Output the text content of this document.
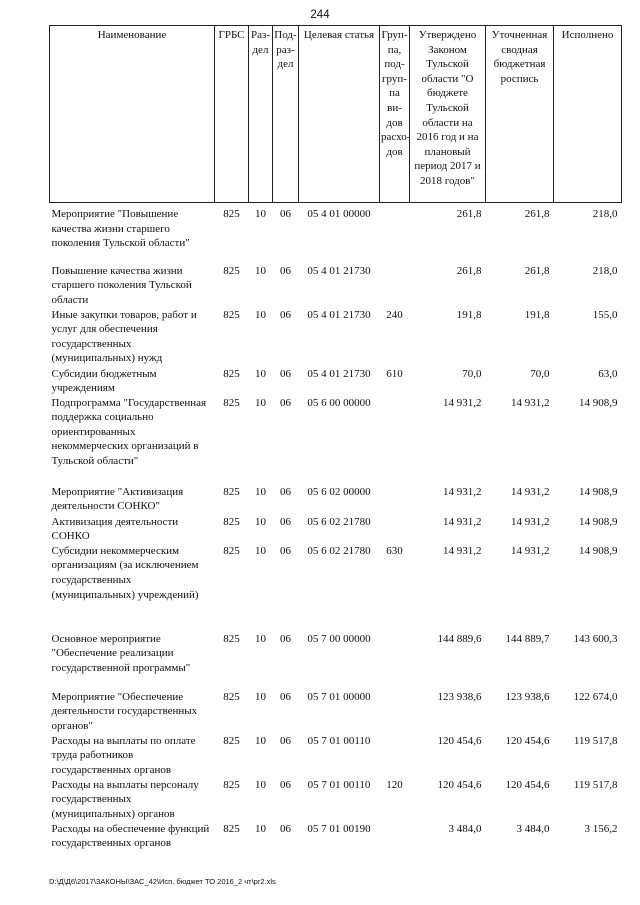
244
Наименование	ГРБС	Раз-дел	Под-раз-дел	Целевая статья	Груп-па, под-груп-па ви-дов расхо-дов	Утверждено Законом Тульской области "О бюджете Тульской области на 2016 год и на плановый период 2017 и 2018 годов"	Уточненная сводная бюджетная роспись	Исполнено
Мероприятие "Повышение качества жизни старшего поколения Тульской области"	825	10	06	05 4 01 00000		261,8	261,8	218,0
Повышение качества жизни старшего поколения Тульской области	825	10	06	05 4 01 21730		261,8	261,8	218,0
Иные закупки товаров, работ и услуг для обеспечения государственных (муниципальных) нужд	825	10	06	05 4 01 21730	240	191,8	191,8	155,0
Субсидии бюджетным учреждениям	825	10	06	05 4 01 21730	610	70,0	70,0	63,0
Подпрограмма "Государственная поддержка социально ориентированных некоммерческих организаций в Тульской области"	825	10	06	05 6 00 00000		14 931,2	14 931,2	14 908,9
Мероприятие "Активизация деятельности СОНКО"	825	10	06	05 6 02 00000		14 931,2	14 931,2	14 908,9
Активизация деятельности СОНКО	825	10	06	05 6 02 21780		14 931,2	14 931,2	14 908,9
Субсидии некоммерческим организациям (за исключением государственных (муниципальных) учреждений)	825	10	06	05 6 02 21780	630	14 931,2	14 931,2	14 908,9
Основное мероприятие "Обеспечение реализации государственной программы"	825	10	06	05 7 00 00000		144 889,6	144 889,7	143 600,3
Мероприятие "Обеспечение деятельности государственных органов"	825	10	06	05 7 01 00000		123 938,6	123 938,6	122 674,0
Расходы на выплаты по оплате труда работников государственных органов	825	10	06	05 7 01 00110		120 454,6	120 454,6	119 517,8
Расходы на выплаты персоналу государственных (муниципальных) органов	825	10	06	05 7 01 00110	120	120 454,6	120 454,6	119 517,8
Расходы на обеспечение функций государственных органов	825	10	06	05 7 01 00190		3 484,0	3 484,0	3 156,2
D:\Д\Д6\2017\ЗАКОНЫ\ЗАС_42\Исп. бюджет ТО 2016_2 чт\pr2.xls
